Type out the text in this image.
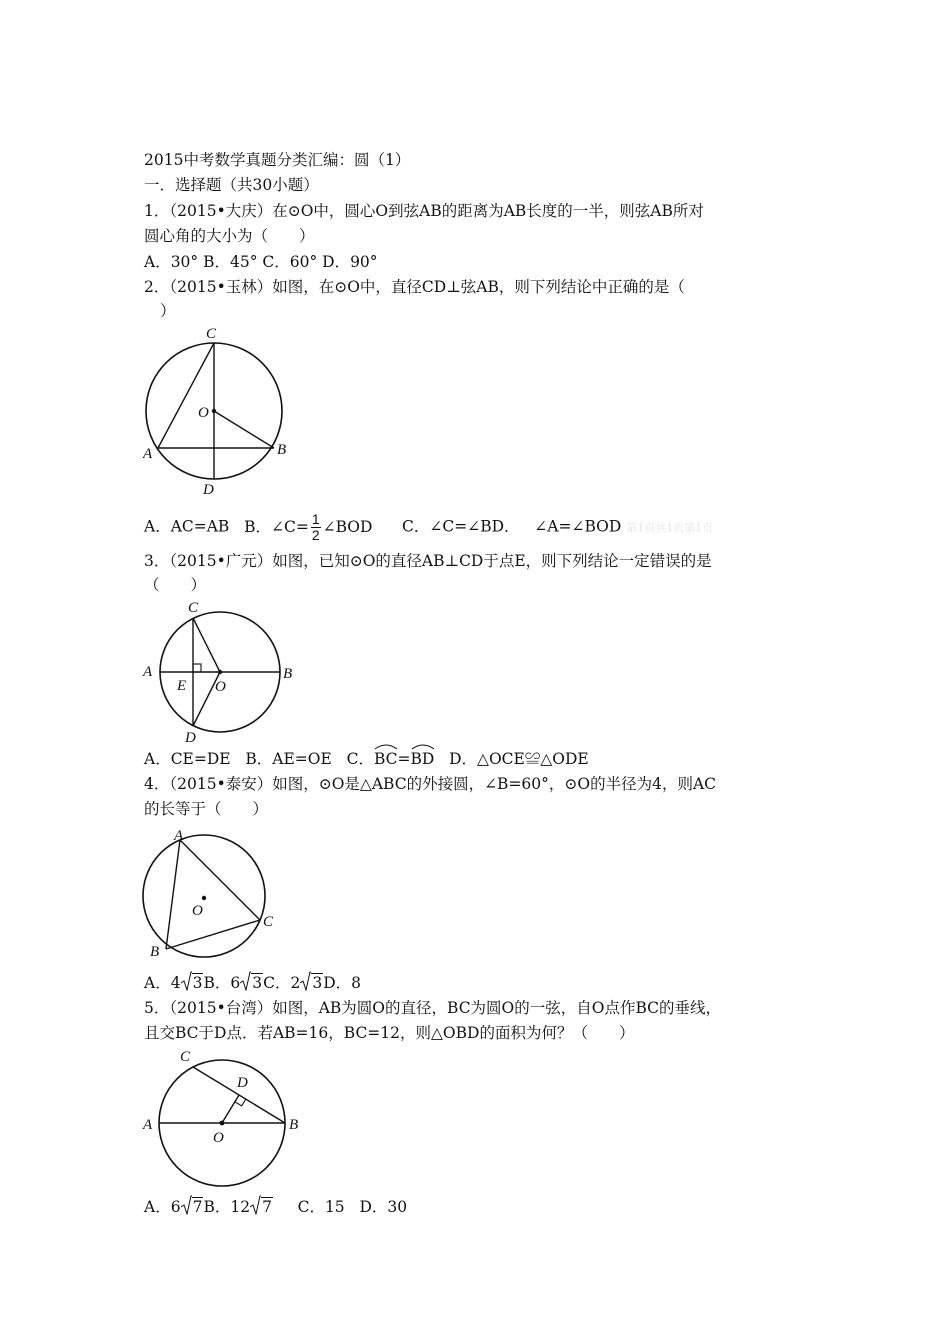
2015中考数学真题分类汇编：圆（1）
一．选择题（共30小题）
1．（2015•大庆）在⊙O中，圆心O到弦AB的距离为AB长度的一半，则弦AB所对
圆心角的大小为（　　）
A．30° B．45° C．60° D．90°
2．（2015•玉林）如图，在⊙O中，直径CD⊥弦AB，则下列结论中正确的是（
）
C
O
A	B
D
A．AC=AB B．∠C= $\frac{1}{2}$ ∠BOD C．∠C=∠BD． ∠A=∠BOD 第1页共1页第1页
3．（2015•广元）如图，已知⊙O的直径AB⊥CD于点E，则下列结论一定错误的是
（　　）
C
A
E O
B
D
A．CE=DE B．AE=OE C．
BC=
BD D．△OCE≌△ODE
4．（2015•泰安）如图，⊙O是△ABC的外接圆，∠B=60°，⊙O的半径为4，则AC
的长等于（　　）
A
O
C
B
A．4 3B．6 3C．2 3D．8
5．（2015•台湾）如图，AB为圆O的直径，BC为圆O的一弦，自O点作BC的垂线，
且交BC于D点．若AB=16，BC=12，则△OBD的面积为何？（　　）
C
D
A
O
B
A．6 7B．12 7 C．15 D．30
